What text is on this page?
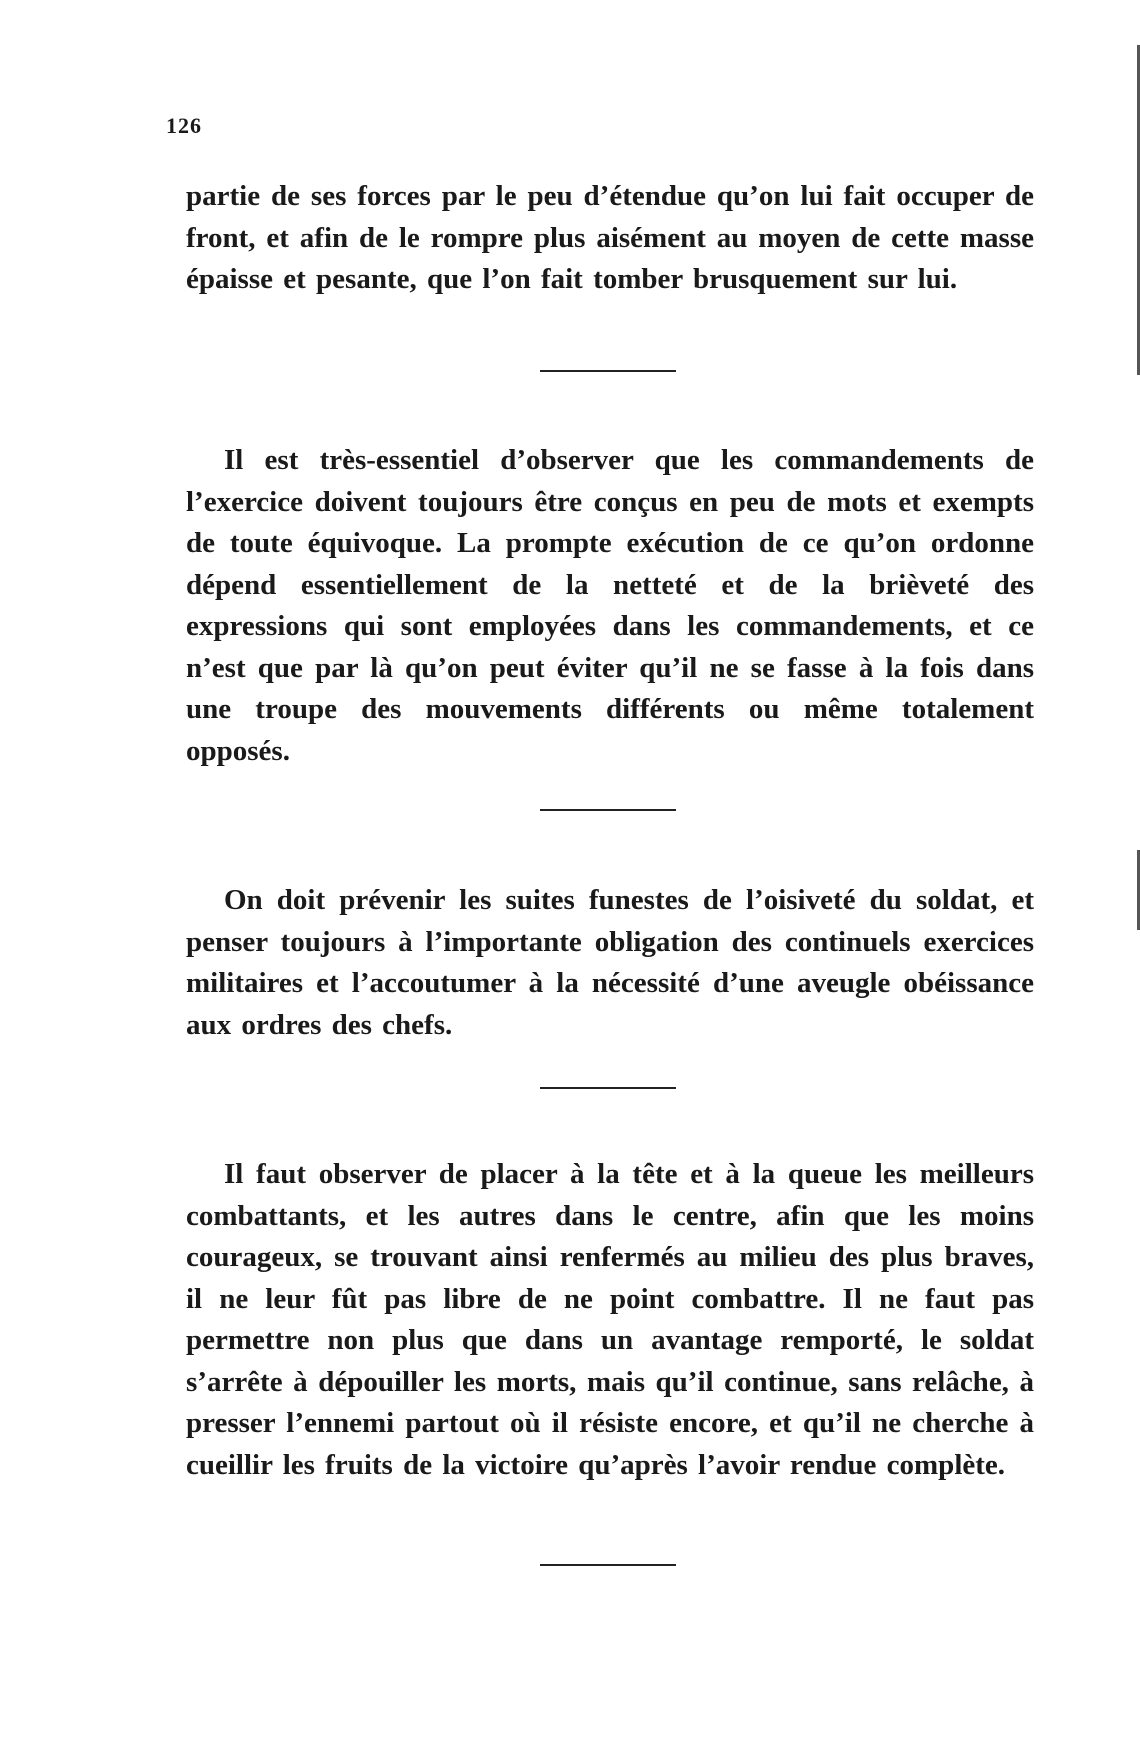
126

partie de ses forces par le peu d’étendue qu’on lui fait occuper de front, et afin de le rompre plus aisément au moyen de cette masse épaisse et pesante, que l’on fait tomber brusquement sur lui.

Il est très-essentiel d’observer que les commandements de l’exercice doivent toujours être conçus en peu de mots et exempts de toute équivoque. La prompte exécution de ce qu’on ordonne dépend essentiellement de la netteté et de la brièveté des expressions qui sont employées dans les commandements, et ce n’est que par là qu’on peut éviter qu’il ne se fasse à la fois dans une troupe des mouvements différents ou même totalement opposés.

On doit prévenir les suites funestes de l’oisiveté du soldat, et penser toujours à l’importante obligation des continuels exercices militaires et l’accoutumer à la nécessité d’une aveugle obéissance aux ordres des chefs.

Il faut observer de placer à la tête et à la queue les meilleurs combattants, et les autres dans le centre, afin que les moins courageux, se trouvant ainsi renfermés au milieu des plus braves, il ne leur fût pas libre de ne point combattre. Il ne faut pas permettre non plus que dans un avantage remporté, le soldat s’arrête à dépouiller les morts, mais qu’il continue, sans relâche, à presser l’ennemi partout où il résiste encore, et qu’il ne cherche à cueillir les fruits de la victoire qu’après l’avoir rendue complète.
